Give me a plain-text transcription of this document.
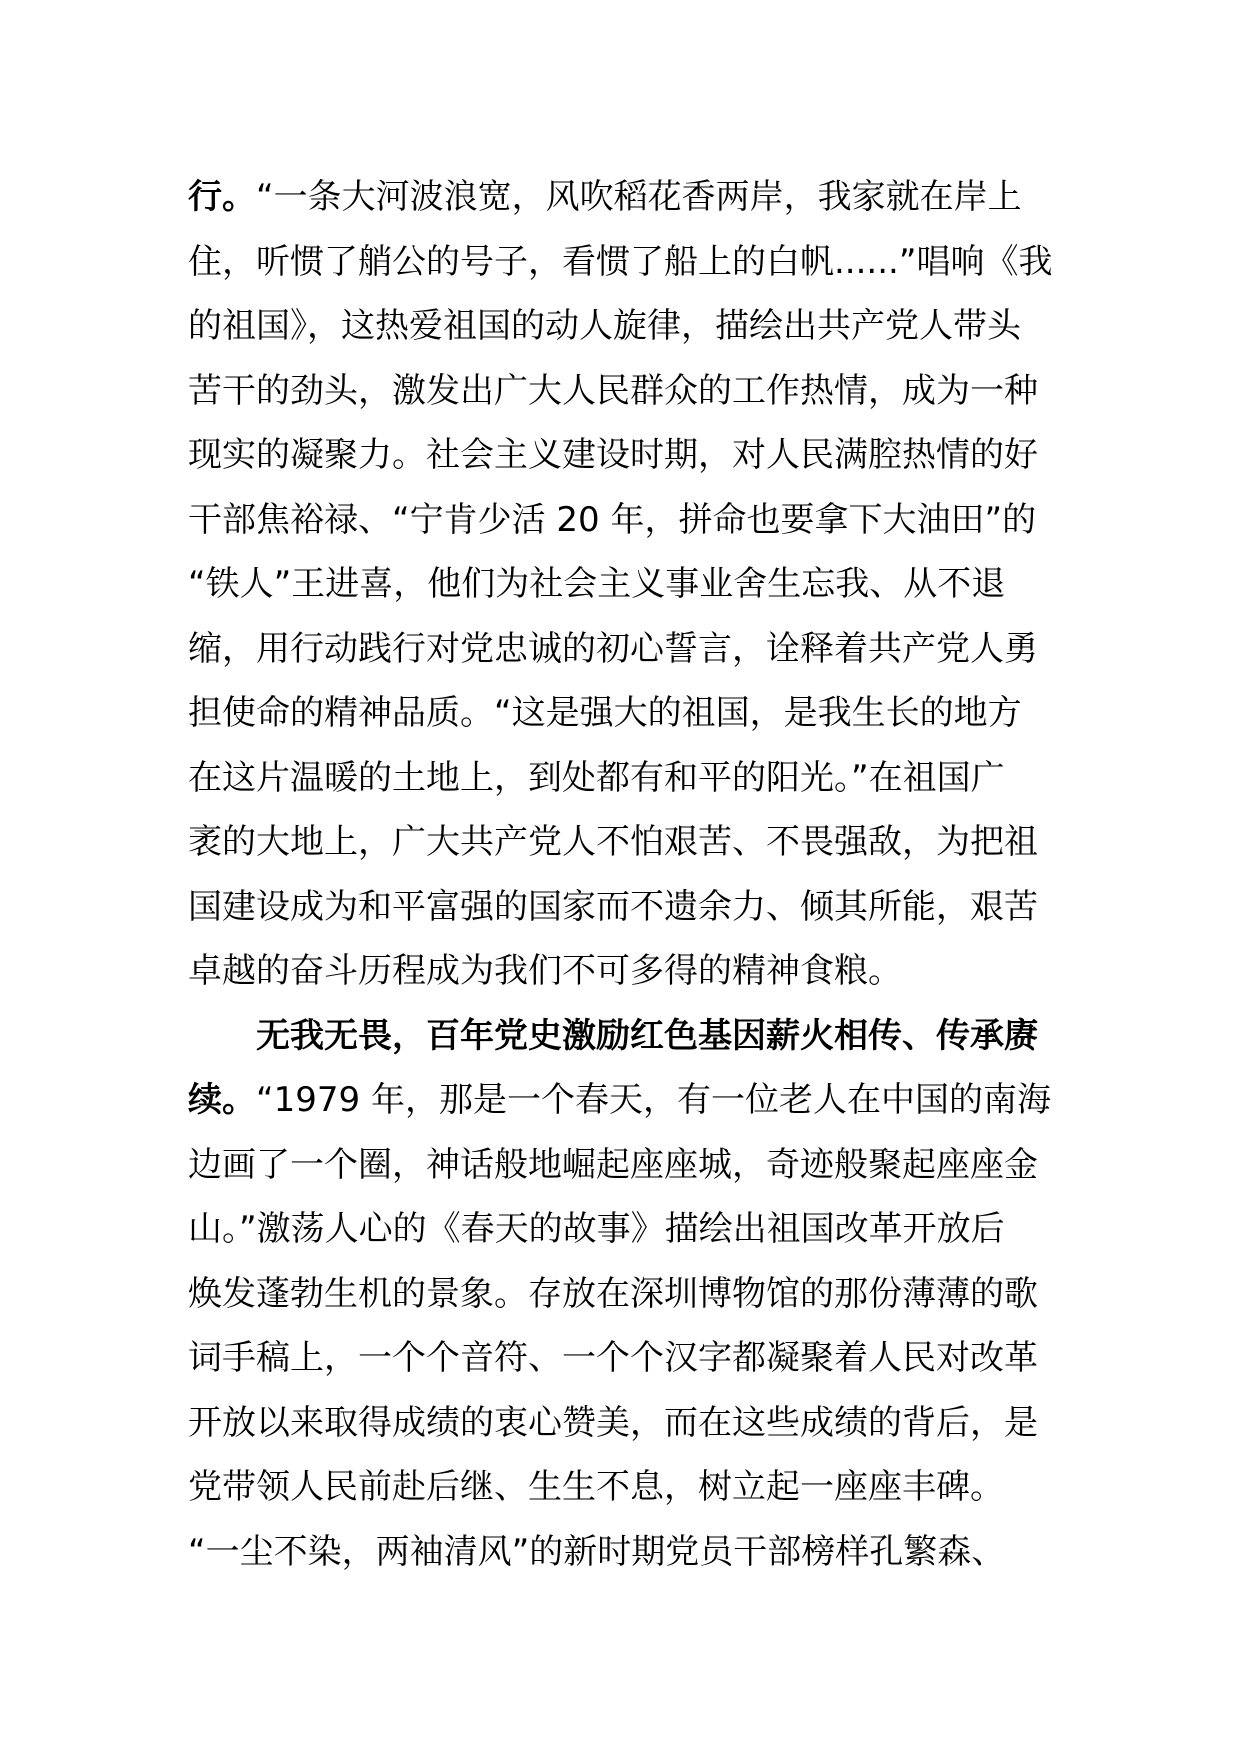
行。“一条大河波浪宽，风吹稻花香两岸，我家就在岸上
住，听惯了艄公的号子，看惯了船上的白帆......”唱响《我
的祖国》，这热爱祖国的动人旋律，描绘出共产党人带头
苦干的劲头，激发出广大人民群众的工作热情，成为一种
现实的凝聚力。社会主义建设时期，对人民满腔热情的好
干部焦裕禄、“宁肯少活 20 年，拼命也要拿下大油田”的
“铁人”王进喜，他们为社会主义事业舍生忘我、从不退
缩，用行动践行对党忠诚的初心誓言，诠释着共产党人勇
担使命的精神品质。“这是强大的祖国，是我生长的地方
在这片温暖的土地上，到处都有和平的阳光。”在祖国广
袤的大地上，广大共产党人不怕艰苦、不畏强敌，为把祖
国建设成为和平富强的国家而不遗余力、倾其所能，艰苦
卓越的奋斗历程成为我们不可多得的精神食粮。
无我无畏，百年党史激励红色基因薪火相传、传承赓
续。“1979 年，那是一个春天，有一位老人在中国的南海
边画了一个圈，神话般地崛起座座城，奇迹般聚起座座金
山。”激荡人心的《春天的故事》描绘出祖国改革开放后
焕发蓬勃生机的景象。存放在深圳博物馆的那份薄薄的歌
词手稿上，一个个音符、一个个汉字都凝聚着人民对改革
开放以来取得成绩的衷心赞美，而在这些成绩的背后，是
党带领人民前赴后继、生生不息，树立起一座座丰碑。
“一尘不染，两袖清风”的新时期党员干部榜样孔繁森、
